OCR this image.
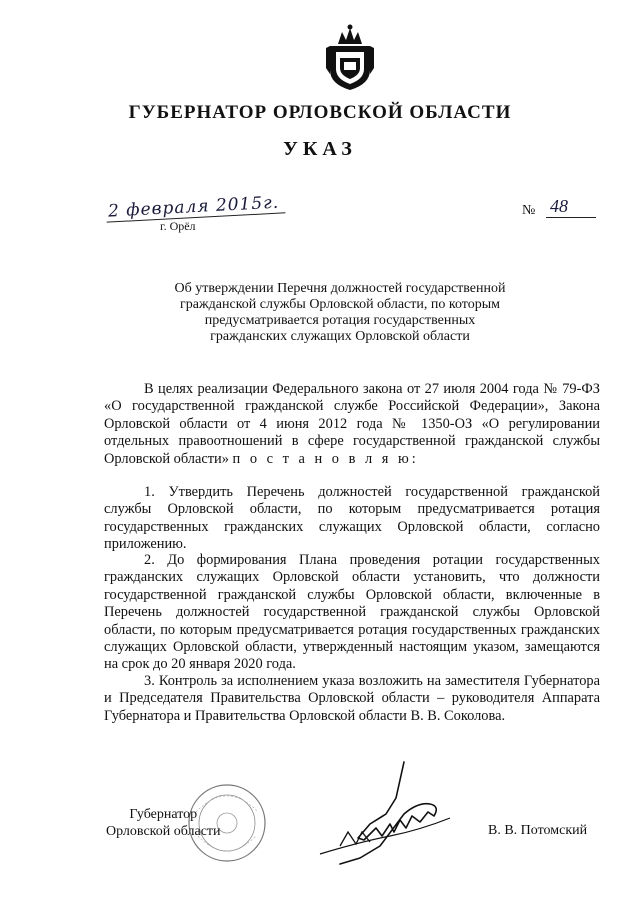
ГУБЕРНАТОР ОРЛОВСКОЙ ОБЛАСТИ
УКАЗ
2 февраля 2015г.
г. Орёл
№ 48
Об утверждении Перечня должностей государственной
гражданской службы Орловской области, по которым
предусматривается ротация государственных
гражданских служащих Орловской области

В целях реализации Федерального закона от 27 июля 2004 года № 79-ФЗ «О государственной гражданской службе Российской Федерации», Закона Орловской области от 4 июня 2012 года № 1350-ОЗ «О регулировании отдельных правоотношений в сфере государственной гражданской службы Орловской области» п о с т а н о в л я ю:

1. Утвердить Перечень должностей государственной гражданской службы Орловской области, по которым предусматривается ротация государственных гражданских служащих Орловской области, согласно приложению.

2. До формирования Плана проведения ротации государственных гражданских служащих Орловской области установить, что должности государственной гражданской службы Орловской области, включенные в Перечень должностей государственной гражданской службы Орловской области, по которым предусматривается ротация государственных гражданских служащих Орловской области, утвержденный настоящим указом, замещаются на срок до 20 января 2020 года.

3. Контроль за исполнением указа возложить на заместителя Губернатора и Председателя Правительства Орловской области – руководителя Аппарата Губернатора и Правительства Орловской области В. В. Соколова.

Губернатор
Орловской области	В. В. Потомский
